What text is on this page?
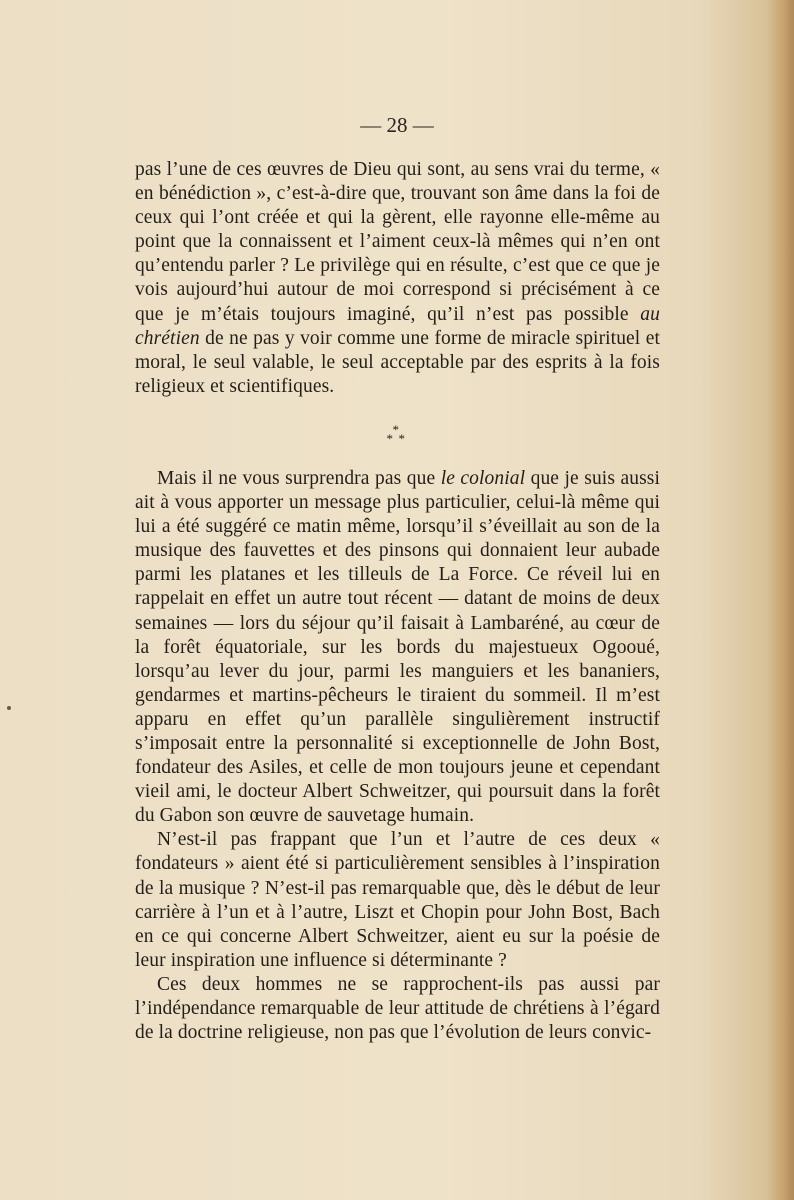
— 28 —

pas l’une de ces œuvres de Dieu qui sont, au sens vrai du terme, « en bénédiction », c’est-à-dire que, trouvant son âme dans la foi de ceux qui l’ont créée et qui la gèrent, elle rayonne elle-même au point que la connaissent et l’aiment ceux-là mêmes qui n’en ont qu’entendu parler ? Le privilège qui en résulte, c’est que ce que je vois aujourd’hui autour de moi correspond si précisément à ce que je m’étais toujours imaginé, qu’il n’est pas possible au chrétien de ne pas y voir comme une forme de miracle spirituel et moral, le seul valable, le seul acceptable par des esprits à la fois religieux et scientifiques.

*
* *

Mais il ne vous surprendra pas que le colonial que je suis aussi ait à vous apporter un message plus particulier, celui-là même qui lui a été suggéré ce matin même, lorsqu’il s’éveillait au son de la musique des fauvettes et des pinsons qui donnaient leur aubade parmi les platanes et les tilleuls de La Force. Ce réveil lui en rappelait en effet un autre tout récent — datant de moins de deux semaines — lors du séjour qu’il faisait à Lambaréné, au cœur de la forêt équatoriale, sur les bords du majestueux Ogooué, lorsqu’au lever du jour, parmi les manguiers et les bananiers, gendarmes et martins-pêcheurs le tiraient du sommeil. Il m’est apparu en effet qu’un parallèle singulièrement instructif s’imposait entre la personnalité si exceptionnelle de John Bost, fondateur des Asiles, et celle de mon toujours jeune et cependant vieil ami, le docteur Albert Schweitzer, qui poursuit dans la forêt du Gabon son œuvre de sauvetage humain.

N’est-il pas frappant que l’un et l’autre de ces deux « fondateurs » aient été si particulièrement sensibles à l’inspiration de la musique ? N’est-il pas remarquable que, dès le début de leur carrière à l’un et à l’autre, Liszt et Chopin pour John Bost, Bach en ce qui concerne Albert Schweitzer, aient eu sur la poésie de leur inspiration une influence si déterminante ?

Ces deux hommes ne se rapprochent-ils pas aussi par l’indépendance remarquable de leur attitude de chrétiens à l’égard de la doctrine religieuse, non pas que l’évolution de leurs convic-
